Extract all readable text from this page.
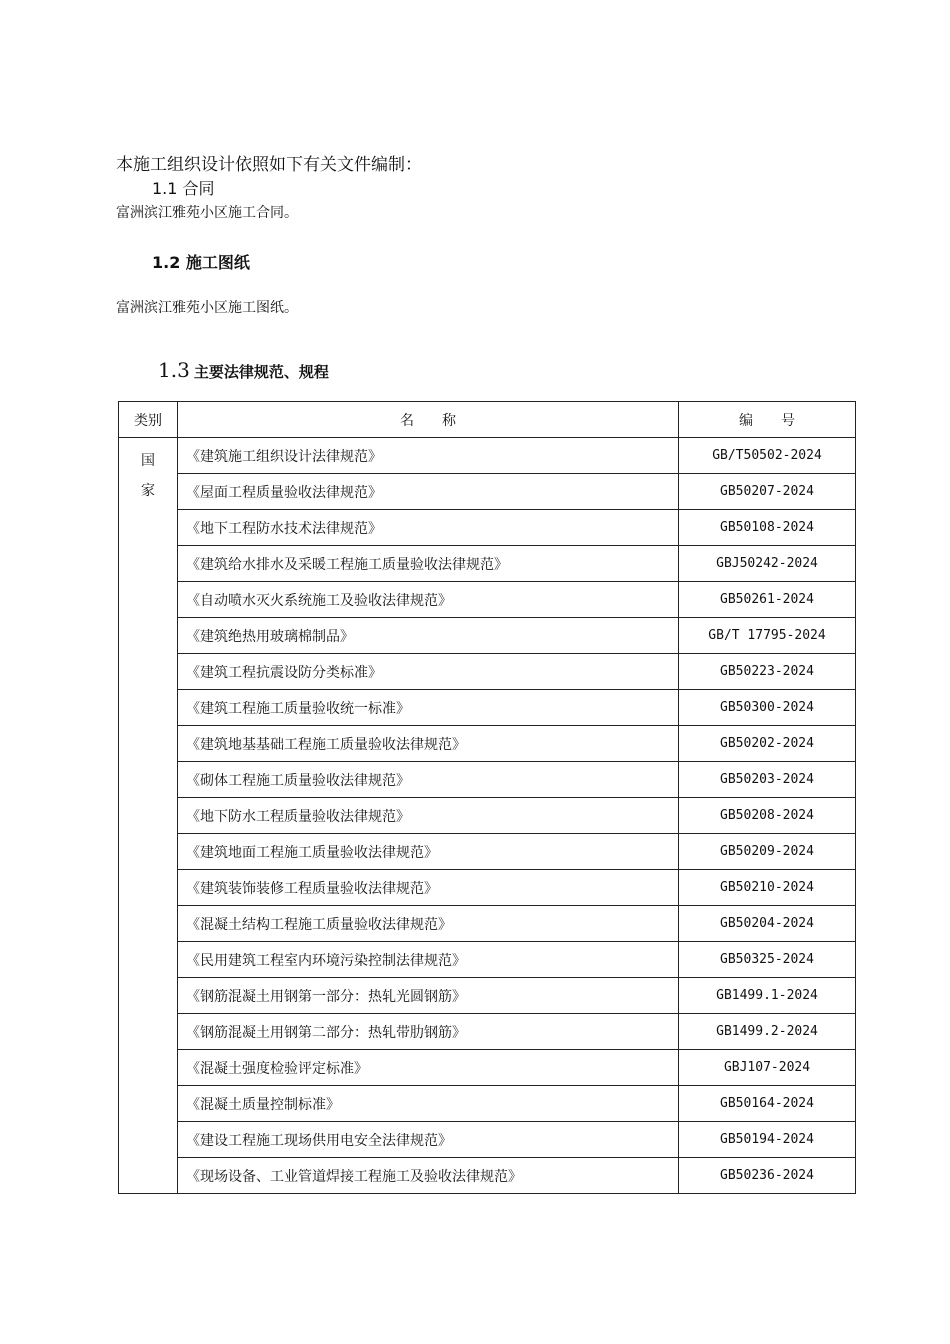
本施工组织设计依照如下有关文件编制：
1.1 合同
富洲滨江雅苑小区施工合同。
1.2 施工图纸
富洲滨江雅苑小区施工图纸。
1.3 主要法律规范、规程
类别	名　　称	编　　号

国
家	《建筑施工组织设计法律规范》	GB/T50502-2024
	《屋面工程质量验收法律规范》	GB50207-2024
	《地下工程防水技术法律规范》	GB50108-2024
	《建筑给水排水及采暖工程施工质量验收法律规范》	GBJ50242-2024
	《自动喷水灭火系统施工及验收法律规范》	GB50261-2024
	《建筑绝热用玻璃棉制品》	GB/T 17795-2024
	《建筑工程抗震设防分类标准》	GB50223-2024
	《建筑工程施工质量验收统一标准》	GB50300-2024
	《建筑地基基础工程施工质量验收法律规范》	GB50202-2024
	《砌体工程施工质量验收法律规范》	GB50203-2024
	《地下防水工程质量验收法律规范》	GB50208-2024
	《建筑地面工程施工质量验收法律规范》	GB50209-2024
	《建筑装饰装修工程质量验收法律规范》	GB50210-2024
	《混凝土结构工程施工质量验收法律规范》	GB50204-2024
	《民用建筑工程室内环境污染控制法律规范》	GB50325-2024
	《钢筋混凝土用钢第一部分：热轧光圆钢筋》	GB1499.1-2024
	《钢筋混凝土用钢第二部分：热轧带肋钢筋》	GB1499.2-2024
	《混凝土强度检验评定标准》	GBJ107-2024
	《混凝土质量控制标准》	GB50164-2024
	《建设工程施工现场供用电安全法律规范》	GB50194-2024
	《现场设备、工业管道焊接工程施工及验收法律规范》	GB50236-2024
